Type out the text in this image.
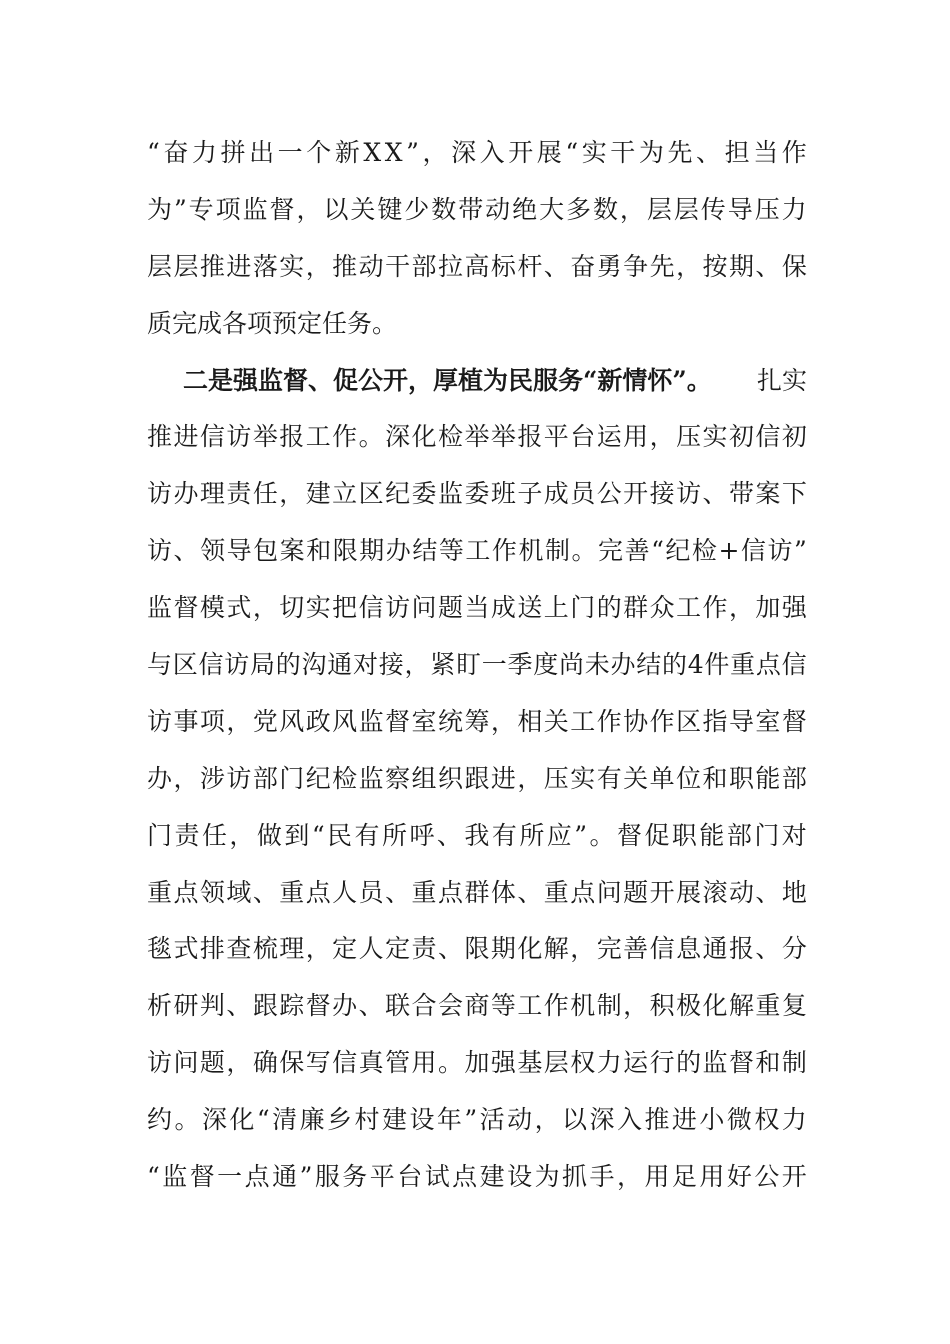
“ 奋 力 拼 出 一 个 新 X X ” ， 深 入 开 展 “ 实 干 为 先 、 担 当 作
为 ” 专 项 监 督 ， 以 关 键 少 数 带 动 绝 大 多 数 ， 层 层 传 导 压 力
层 层 推 进 落 实 ， 推 动 干 部 拉 高 标 杆 、 奋 勇 争 先 ， 按 期 、 保
质完成各项预定任务。
二是强监督、促公开，厚植为民服务“新情怀”。 扎实
推 进 信 访 举 报 工 作 。 深 化 检 举 举 报 平 台 运 用 ， 压 实 初 信 初
访 办 理 责 任 ， 建 立 区 纪 委 监 委 班 子 成 员 公 开 接 访 、 带 案 下
访 、 领 导 包 案 和 限 期 办 结 等 工 作 机 制 。 完 善 “ 纪 检 + 信 访 ”
监 督 模 式 ， 切 实 把 信 访 问 题 当 成 送 上 门 的 群 众 工 作 ， 加 强
与 区 信 访 局 的 沟 通 对 接 ， 紧 盯 一 季 度 尚 未 办 结 的 4 件 重 点 信
访 事 项 ， 党 风 政 风 监 督 室 统 筹 ， 相 关 工 作 协 作 区 指 导 室 督
办 ， 涉 访 部 门 纪 检 监 察 组 织 跟 进 ， 压 实 有 关 单 位 和 职 能 部
门 责 任 ， 做 到 “ 民 有 所 呼 、 我 有 所 应 ” 。 督 促 职 能 部 门 对
重 点 领 域 、 重 点 人 员 、 重 点 群 体 、 重 点 问 题 开 展 滚 动 、 地
毯 式 排 查 梳 理 ， 定 人 定 责 、 限 期 化 解 ， 完 善 信 息 通 报 、 分
析 研 判 、 跟 踪 督 办 、 联 合 会 商 等 工 作 机 制 ， 积 极 化 解 重 复
访 问 题 ， 确 保 写 信 真 管 用 。 加 强 基 层 权 力 运 行 的 监 督 和 制
约 。 深 化 “ 清 廉 乡 村 建 设 年 ” 活 动 ， 以 深 入 推 进 小 微 权 力
“ 监 督 一 点 通 ” 服 务 平 台 试 点 建 设 为 抓 手 ， 用 足 用 好 公 开
